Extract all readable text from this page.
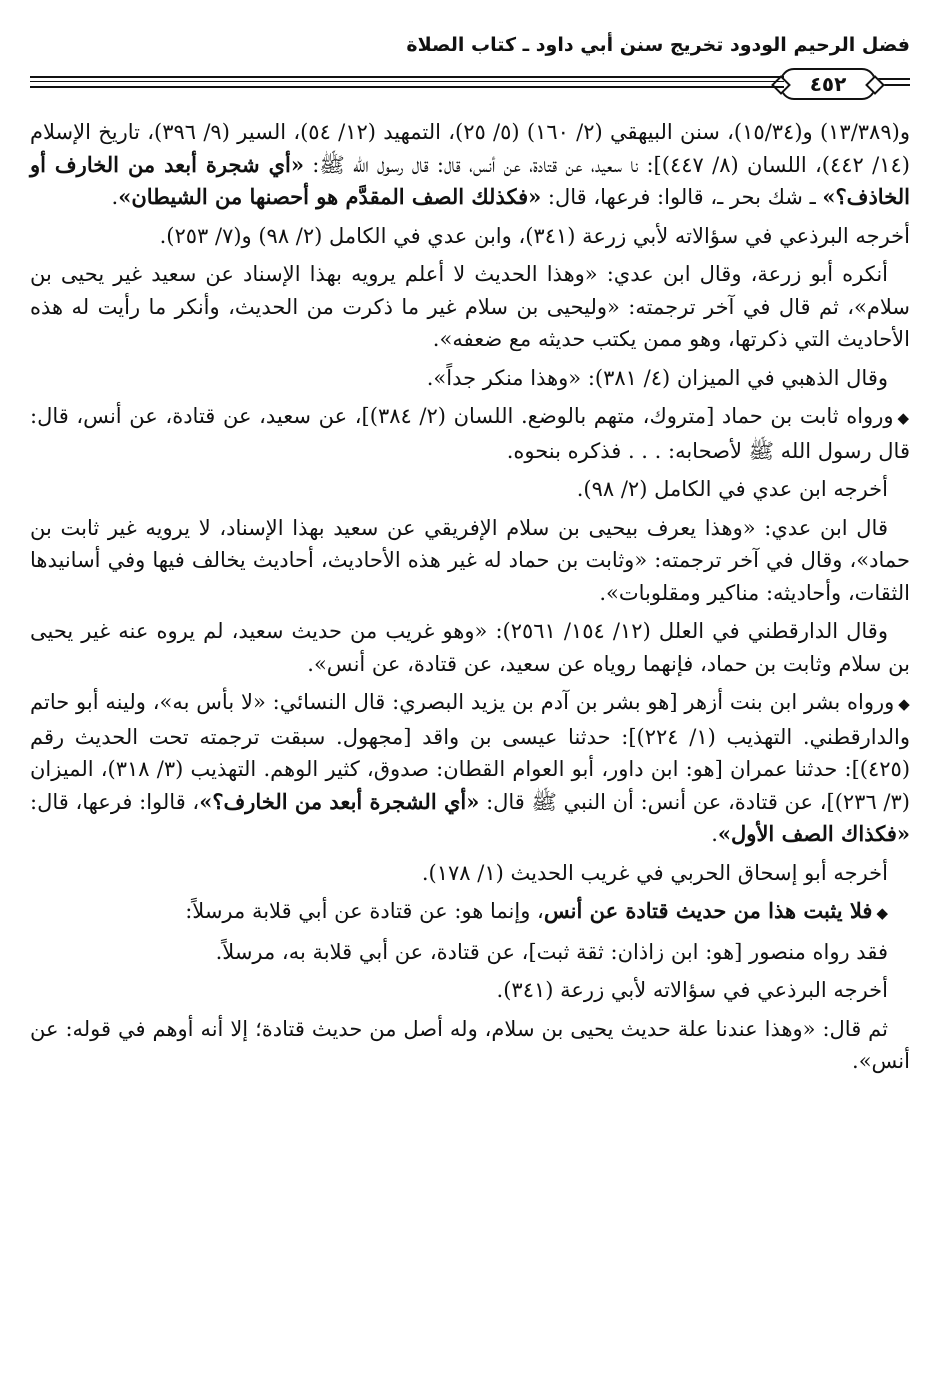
فضل الرحيم الودود تخريج سنن أبي داود ـ كتاب الصلاة
٤٥٢

و(١٣/٣٨٩) و(١٥/٣٤)، سنن البيهقي (٢/ ١٦٠) (٥/ ٢٥)، التمهيد (١٢/ ٥٤)، السير (٩/ ٣٩٦)، تاريخ الإسلام (١٤/ ٤٤٢)، اللسان (٨/ ٤٤٧)]: نا سعيد، عن قتادة، عن أنس، قال: قال رسول الله ﷺ: «أي شجرة أبعد من الخارف أو الخاذف؟» ـ شك بحر ـ، قالوا: فرعها، قال: «فكذلك الصف المقدَّم هو أحصنها من الشيطان».

أخرجه البرذعي في سؤالاته لأبي زرعة (٣٤١)، وابن عدي في الكامل (٢/ ٩٨) و(٧/ ٢٥٣).

أنكره أبو زرعة، وقال ابن عدي: «وهذا الحديث لا أعلم يرويه بهذا الإسناد عن سعيد غير يحيى بن سلام»، ثم قال في آخر ترجمته: «وليحيى بن سلام غير ما ذكرت من الحديث، وأنكر ما رأيت له هذه الأحاديث التي ذكرتها، وهو ممن يكتب حديثه مع ضعفه».

وقال الذهبي في الميزان (٤/ ٣٨١): «وهذا منكر جداً».

◆ورواه ثابت بن حماد [متروك، متهم بالوضع. اللسان (٢/ ٣٨٤)]، عن سعيد، عن قتادة، عن أنس، قال: قال رسول الله ﷺ لأصحابه: . . . فذكره بنحوه.

أخرجه ابن عدي في الكامل (٢/ ٩٨).

قال ابن عدي: «وهذا يعرف بيحيى بن سلام الإفريقي عن سعيد بهذا الإسناد، لا يرويه غير ثابت بن حماد»، وقال في آخر ترجمته: «وثابت بن حماد له غير هذه الأحاديث، أحاديث يخالف فيها وفي أسانيدها الثقات، وأحاديثه: مناكير ومقلوبات».

وقال الدارقطني في العلل (١٢/ ١٥٤/ ٢٥٦١): «وهو غريب من حديث سعيد، لم يروه عنه غير يحيى بن سلام وثابت بن حماد، فإنهما روياه عن سعيد، عن قتادة، عن أنس».

◆ورواه بشر ابن بنت أزهر [هو بشر بن آدم بن يزيد البصري: قال النسائي: «لا بأس به»، ولينه أبو حاتم والدارقطني. التهذيب (١/ ٢٢٤)]: حدثنا عيسى بن واقد [مجهول. سبقت ترجمته تحت الحديث رقم (٤٢٥)]: حدثنا عمران [هو: ابن داور، أبو العوام القطان: صدوق، كثير الوهم. التهذيب (٣/ ٣١٨)، الميزان (٣/ ٢٣٦)]، عن قتادة، عن أنس: أن النبي ﷺ قال: «أي الشجرة أبعد من الخارف؟»، قالوا: فرعها، قال: «فكذاك الصف الأول».

أخرجه أبو إسحاق الحربي في غريب الحديث (١/ ١٧٨).

◆فلا يثبت هذا من حديث قتادة عن أنس، وإنما هو: عن قتادة عن أبي قلابة مرسلاً:

فقد رواه منصور [هو: ابن زاذان: ثقة ثبت]، عن قتادة، عن أبي قلابة به، مرسلاً.

أخرجه البرذعي في سؤالاته لأبي زرعة (٣٤١).

ثم قال: «وهذا عندنا علة حديث يحيى بن سلام، وله أصل من حديث قتادة؛ إلا أنه أوهم في قوله: عن أنس».
